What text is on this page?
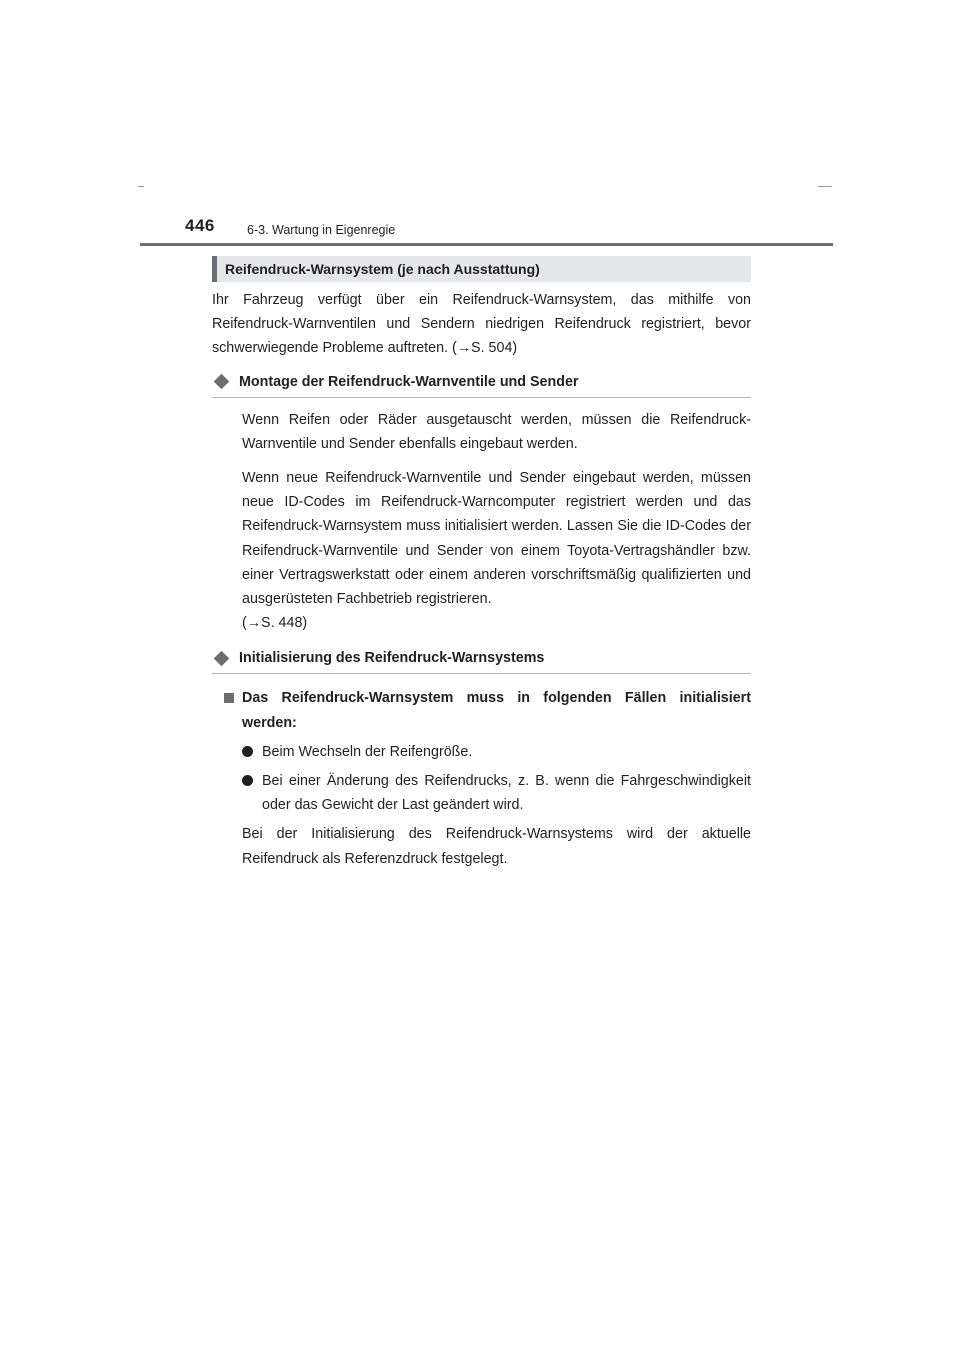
446	6-3. Wartung in Eigenregie
Reifendruck-Warnsystem (je nach Ausstattung)

Ihr Fahrzeug verfügt über ein Reifendruck-Warnsystem, das mithilfe von Reifendruck-Warnventilen und Sendern niedrigen Reifendruck registriert, bevor schwerwiegende Probleme auftreten. (→S. 504)

Montage der Reifendruck-Warnventile und Sender

Wenn Reifen oder Räder ausgetauscht werden, müssen die Reifendruck-Warnventile und Sender ebenfalls eingebaut werden.

Wenn neue Reifendruck-Warnventile und Sender eingebaut werden, müssen neue ID-Codes im Reifendruck-Warncomputer registriert werden und das Reifendruck-Warnsystem muss initialisiert werden. Lassen Sie die ID-Codes der Reifendruck-Warnventile und Sender von einem Toyota-Vertragshändler bzw. einer Vertragswerkstatt oder einem anderen vorschriftsmäßig qualifizierten und ausgerüsteten Fachbetrieb registrieren.

(→S. 448)

Initialisierung des Reifendruck-Warnsystems

Das Reifendruck-Warnsystem muss in folgenden Fällen initialisiert werden:

Beim Wechseln der Reifengröße.

Bei einer Änderung des Reifendrucks, z. B. wenn die Fahrgeschwindigkeit oder das Gewicht der Last geändert wird.

Bei der Initialisierung des Reifendruck-Warnsystems wird der aktuelle Reifendruck als Referenzdruck festgelegt.
